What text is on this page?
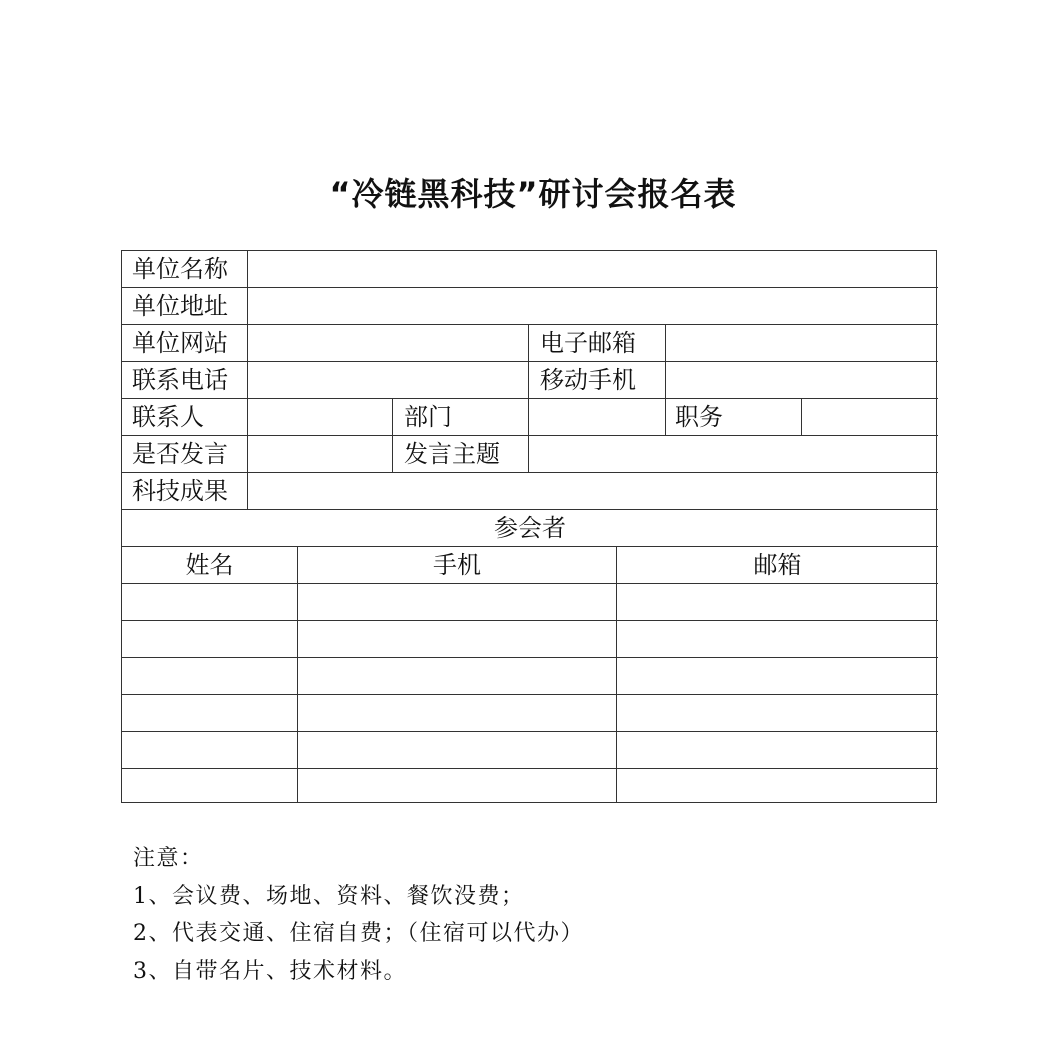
“冷链黑科技”研讨会报名表
单位名称
单位地址
单位网站	电子邮箱
联系电话	移动手机
联系人	部门	职务
是否发言	发言主题
科技成果
参会者
姓名	手机	邮箱
注意：
1、会议费、场地、资料、餐饮没费；
2、代表交通、住宿自费；（住宿可以代办）
3、自带名片、技术材料。
